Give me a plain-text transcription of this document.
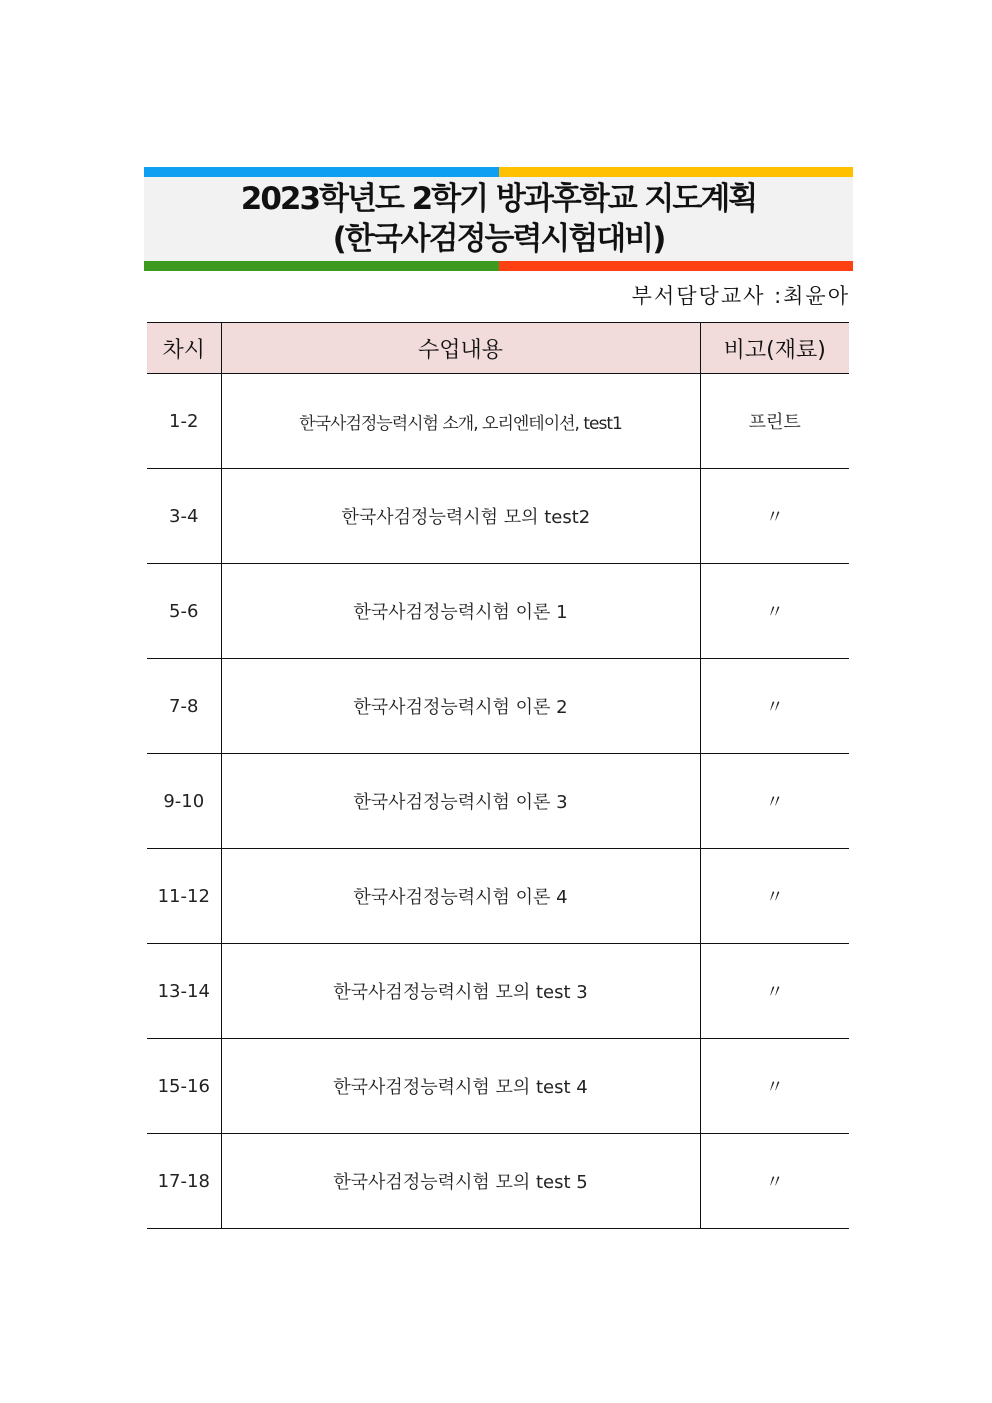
2023학년도 2학기 방과후학교 지도계획
(한국사검정능력시험대비)
부서담당교사 :최윤아
차시	수업내용	비고(재료)
1-2	한국사검정능력시험 소개, 오리엔테이션, test1	프린트
3-4	한국사검정능력시험 모의 test2	〃
5-6	한국사검정능력시험 이론 1	〃
7-8	한국사검정능력시험 이론 2	〃
9-10	한국사검정능력시험 이론 3	〃
11-12	한국사검정능력시험 이론 4	〃
13-14	한국사검정능력시험 모의 test 3	〃
15-16	한국사검정능력시험 모의 test 4	〃
17-18	한국사검정능력시험 모의 test 5	〃
